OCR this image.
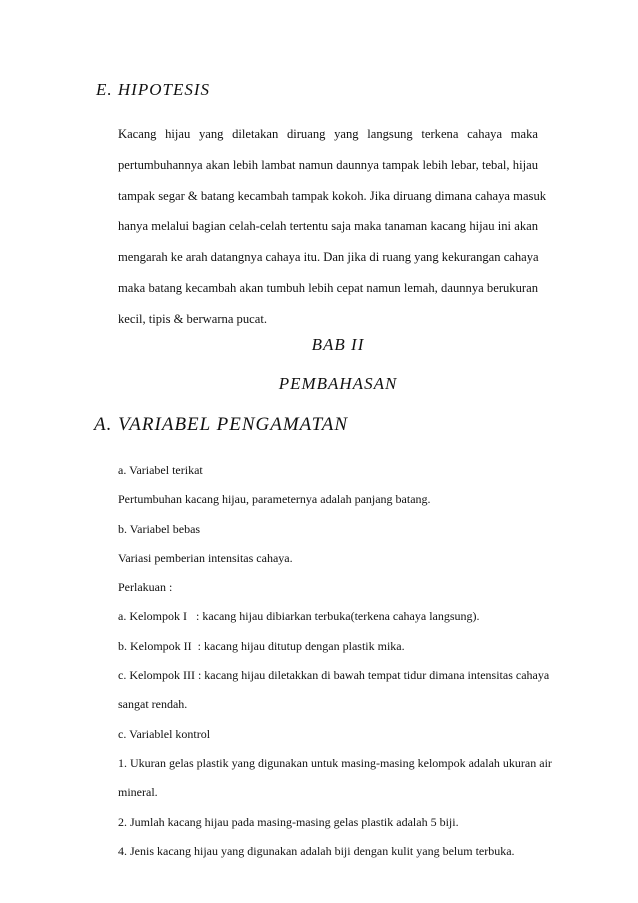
E. HIPOTESIS
Kacang hijau yang diletakan diruang yang langsung terkena cahaya maka
pertumbuhannya akan lebih lambat namun daunnya tampak lebih lebar, tebal, hijau
tampak segar & batang kecambah tampak kokoh. Jika diruang dimana cahaya masuk
hanya melalui bagian celah-celah tertentu saja maka tanaman kacang hijau ini akan
mengarah ke arah datangnya cahaya itu. Dan jika di ruang yang kekurangan cahaya
maka batang kecambah akan tumbuh lebih cepat namun lemah, daunnya berukuran
kecil, tipis & berwarna pucat.
BAB II
PEMBAHASAN
A. VARIABEL PENGAMATAN
a. Variabel terikat
Pertumbuhan kacang hijau, parameternya adalah panjang batang.
b. Variabel bebas
Variasi pemberian intensitas cahaya.
Perlakuan :
a. Kelompok I   : kacang hijau dibiarkan terbuka(terkena cahaya langsung).
b. Kelompok II  : kacang hijau ditutup dengan plastik mika.
c. Kelompok III : kacang hijau diletakkan di bawah tempat tidur dimana intensitas cahaya
sangat rendah.
c. Variablel kontrol
1. Ukuran gelas plastik yang digunakan untuk masing-masing kelompok adalah ukuran air
mineral.
2. Jumlah kacang hijau pada masing-masing gelas plastik adalah 5 biji.
4. Jenis kacang hijau yang digunakan adalah biji dengan kulit yang belum terbuka.
